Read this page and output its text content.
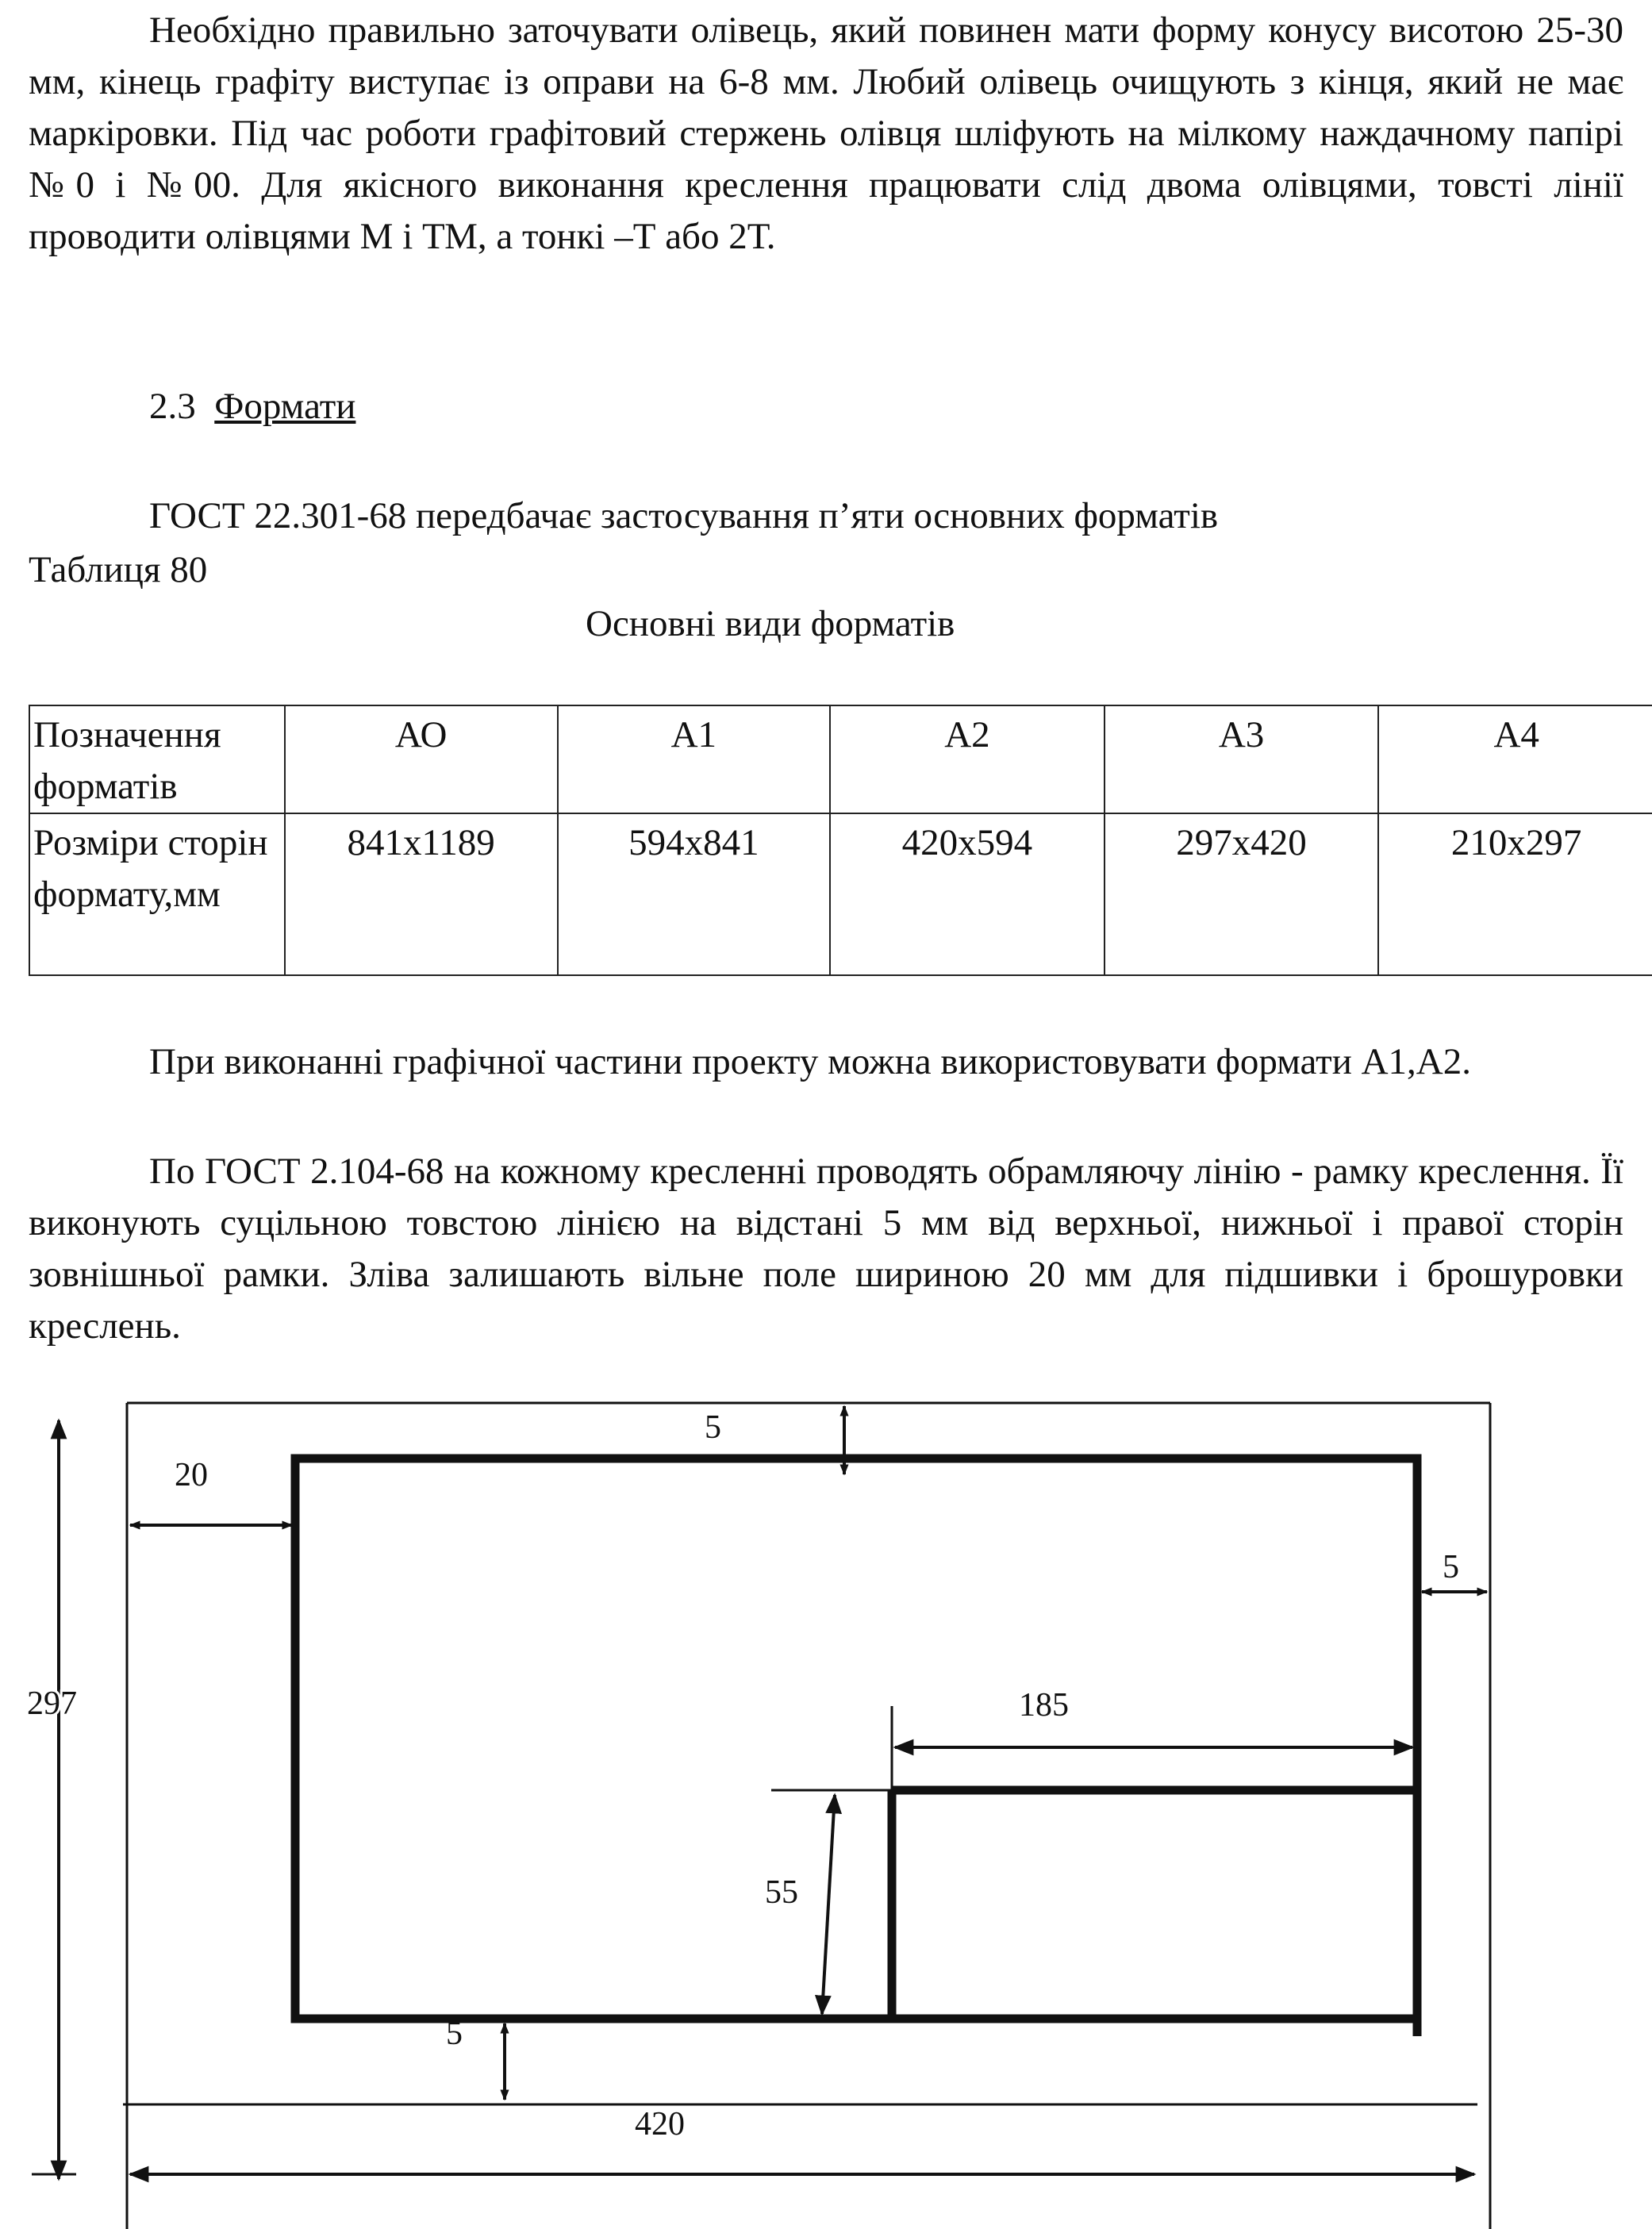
Необхідно правильно заточувати олівець, який повинен мати форму конусу висотою 25-30 мм, кінець графіту виступає із оправи на 6-8 мм. Любий олівець очищують з кінця, який не має маркіровки. Під час роботи графітовий стержень олівця шліфують на мілкому наждачному папірі №0 і №00. Для якісного виконання креслення працювати слід двома олівцями, товсті лінії проводити олівцями М і ТМ, а тонкі –Т або 2Т.
2.3 Формати
ГОСТ 22.301-68 передбачає застосування п’яти основних форматів
Таблиця 80
Основні види форматів
Позначення форматів	АО	А1	А2	А3	А4
Розміри сторін формату,мм	841х1189	594х841	420х594	297х420	210х297
При виконанні графічної частини проекту можна використовувати формати А1,А2.
По ГОСТ 2.104-68 на кожному кресленні проводять обрамляючу лінію - рамку креслення. Її виконують суцільною товстою лінією на відстані 5 мм від верхньої, нижньої і правої сторін зовнішньої рамки. Зліва залишають вільне поле шириною 20 мм для підшивки і брошуровки креслень.
5
20
5
297	185
55
5
420
